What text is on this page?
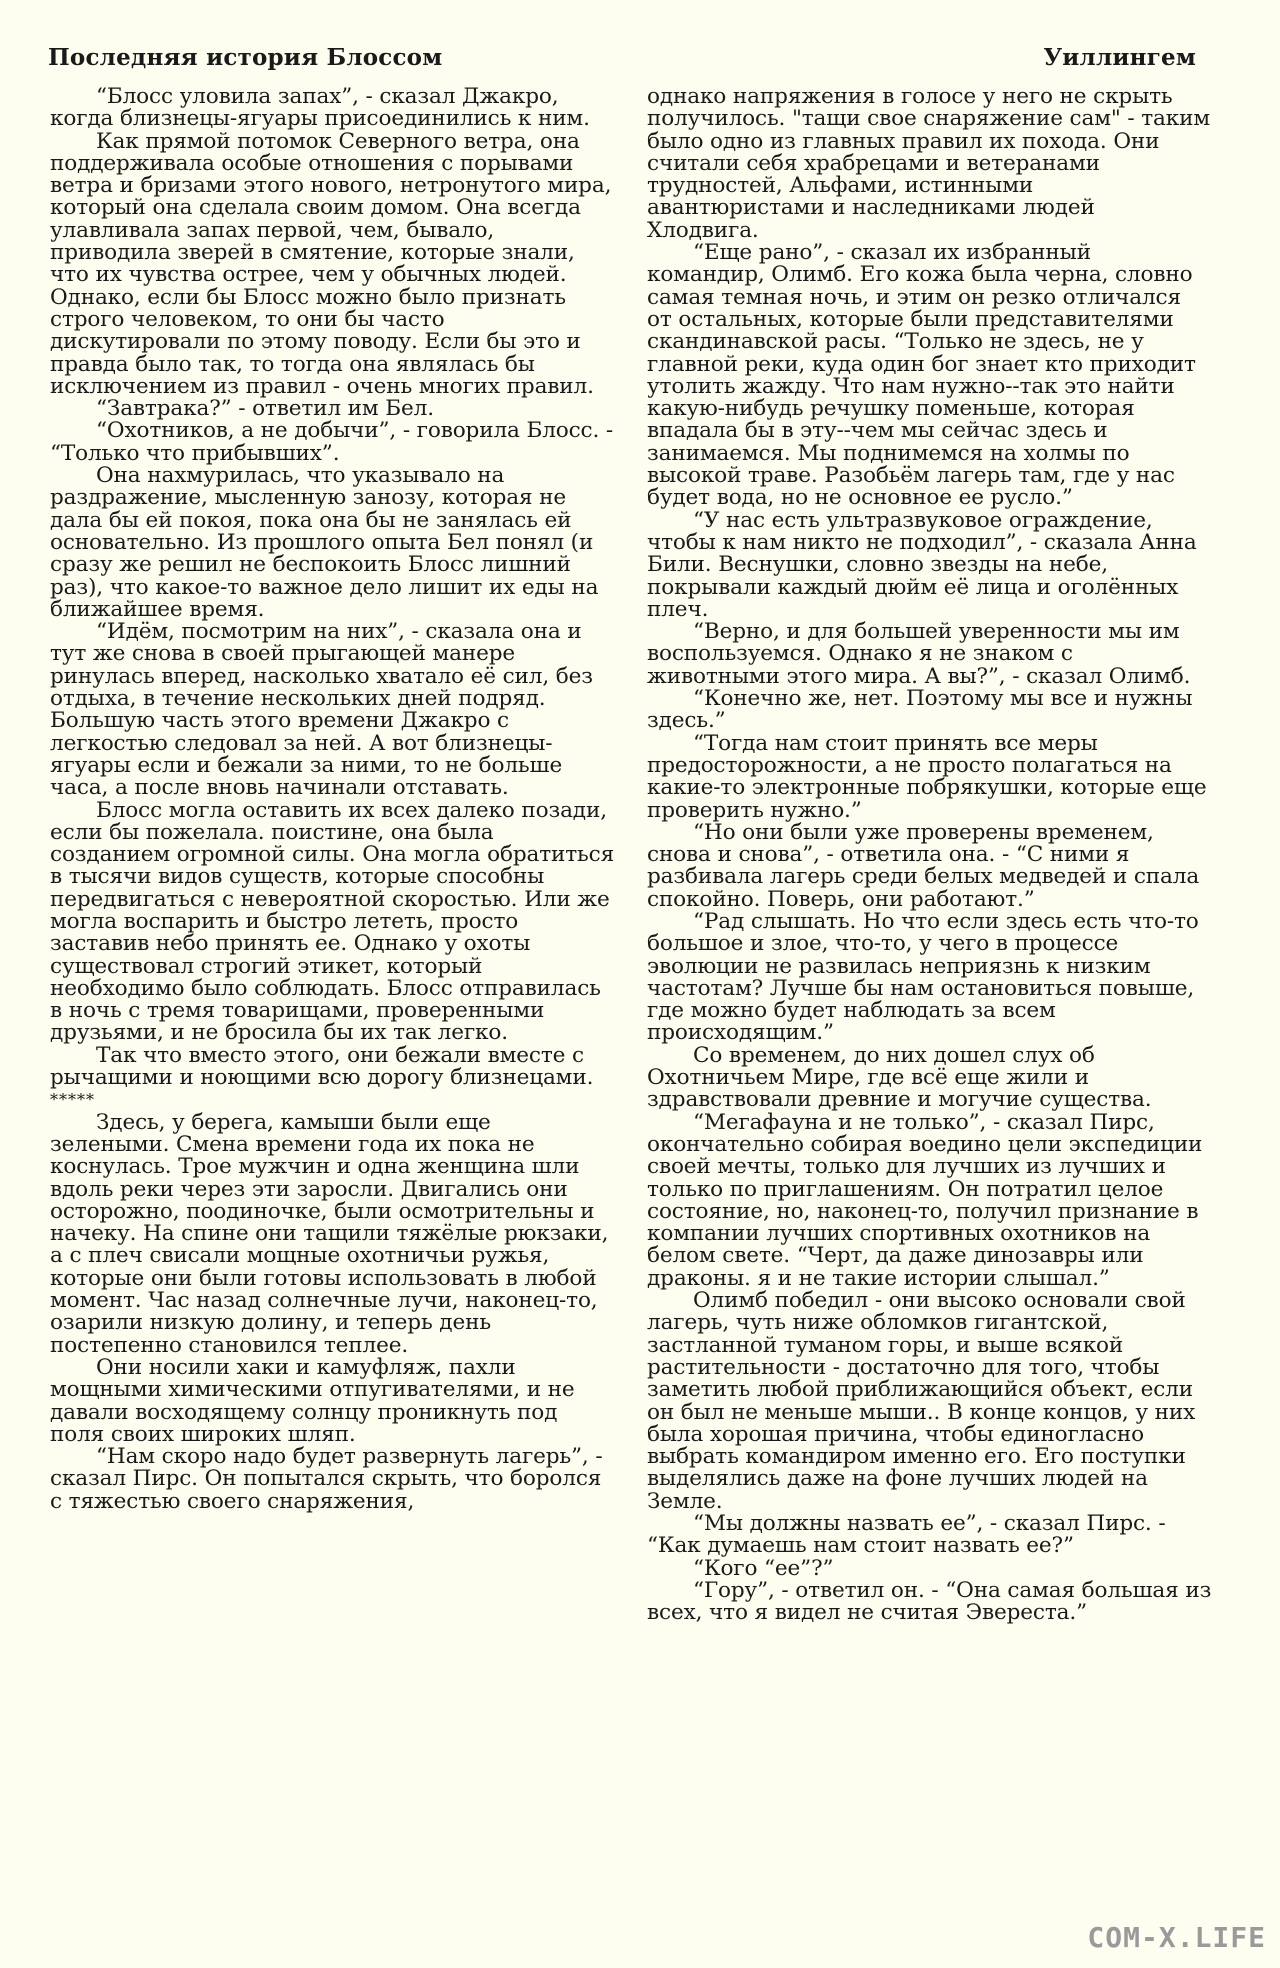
Последняя история Блоссом	Уиллингем

“Блосс уловила запах”, - сказал Джакро, когда близнецы-ягуары присоединились к ним.

Как прямой потомок Северного ветра, она поддерживала особые отношения с порывами ветра и бризами этого нового, нетронутого мира, который она сделала своим домом. Она всегда улавливала запах первой, чем, бывало, приводила зверей в смятение, которые знали, что их чувства острее, чем у обычных людей. Однако, если бы Блосс можно было признать строго человеком, то они бы часто дискутировали по этому поводу. Если бы это и правда было так, то тогда она являлась бы исключением из правил - очень многих правил.

“Завтрака?” - ответил им Бел.

“Охотников, а не добычи”, - говорила Блосс. - “Только что прибывших”.

Она нахмурилась, что указывало на раздражение, мысленную занозу, которая не дала бы ей покоя, пока она бы не занялась ей основательно. Из прошлого опыта Бел понял (и сразу же решил не беспокоить Блосс лишний раз), что какое-то важное дело лишит их еды на ближайшее время.

“Идём, посмотрим на них”, - сказала она и тут же снова в своей прыгающей манере ринулась вперед, насколько хватало её сил, без отдыха, в течение нескольких дней подряд. Большую часть этого времени Джакро с легкостью следовал за ней. А вот близнецы-ягуары если и бежали за ними, то не больше часа, а после вновь начинали отставать.

Блосс могла оставить их всех далеко позади, если бы пожелала. поистине, она была созданием огромной силы. Она могла обратиться в тысячи видов существ, которые способны передвигаться с невероятной скоростью. Или же могла воспарить и быстро лететь, просто заставив небо принять ее. Однако у охоты существовал строгий этикет, который необходимо было соблюдать. Блосс отправилась в ночь с тремя товарищами, проверенными друзьями, и не бросила бы их так легко.

Так что вместо этого, они бежали вместе с рычащими и ноющими всю дорогу близнецами.

*****

Здесь, у берега, камыши были еще зелеными. Смена времени года их пока не коснулась. Трое мужчин и одна женщина шли вдоль реки через эти заросли. Двигались они осторожно, поодиночке, были осмотрительны и начеку. На спине они тащили тяжёлые рюкзаки, а с плеч свисали мощные охотничьи ружья, которые они были готовы использовать в любой момент. Час назад солнечные лучи, наконец-то, озарили низкую долину, и теперь день постепенно становился теплее.

Они носили хаки и камуфляж, пахли мощными химическими отпугивателями, и не давали восходящему солнцу проникнуть под поля своих широких шляп.

“Нам скоро надо будет развернуть лагерь”, - сказал Пирс. Он попытался скрыть, что боролся с тяжестью своего снаряжения,

однако напряжения в голосе у него не скрыть получилось. "тащи свое снаряжение сам" - таким было одно из главных правил их похода. Они считали себя храбрецами и ветеранами трудностей, Альфами, истинными авантюристами и наследниками людей Хлодвига.

“Еще рано”, - сказал их избранный командир, Олимб. Его кожа была черна, словно самая темная ночь, и этим он резко отличался от остальных, которые были представителями скандинавской расы. “Только не здесь, не у главной реки, куда один бог знает кто приходит утолить жажду. Что нам нужно--так это найти какую-нибудь речушку поменьше, которая впадала бы в эту--чем мы сейчас здесь и занимаемся. Мы поднимемся на холмы по высокой траве. Разобьём лагерь там, где у нас будет вода, но не основное ее русло.”

“У нас есть ультразвуковое ограждение, чтобы к нам никто не подходил”, - сказала Анна Били. Веснушки, словно звезды на небе, покрывали каждый дюйм её лица и оголённых плеч.

“Верно, и для большей уверенности мы им воспользуемся. Однако я не знаком с животными этого мира. А вы?”, - сказал Олимб.

“Конечно же, нет. Поэтому мы все и нужны здесь.”

“Тогда нам стоит принять все меры предосторожности, а не просто полагаться на какие-то электронные побрякушки, которые еще проверить нужно.”

“Но они были уже проверены временем, снова и снова”, - ответила она. - “С ними я разбивала лагерь среди белых медведей и спала спокойно. Поверь, они работают.”

“Рад слышать. Но что если здесь есть что-то большое и злое, что-то, у чего в процессе эволюции не развилась неприязнь к низким частотам? Лучше бы нам остановиться повыше, где можно будет наблюдать за всем происходящим.”

Со временем, до них дошел слух об Охотничьем Мире, где всё еще жили и здравствовали древние и могучие существа.

“Мегафауна и не только”, - сказал Пирс, окончательно собирая воедино цели экспедиции своей мечты, только для лучших из лучших и только по приглашениям. Он потратил целое состояние, но, наконец-то, получил признание в компании лучших спортивных охотников на белом свете. “Черт, да даже динозавры или драконы. я и не такие истории слышал.”

Олимб победил - они высоко основали свой лагерь, чуть ниже обломков гигантской, застланной туманом горы, и выше всякой растительности - достаточно для того, чтобы заметить любой приближающийся объект, если он был не меньше мыши.. В конце концов, у них была хорошая причина, чтобы единогласно выбрать командиром именно его. Его поступки выделялись даже на фоне лучших людей на Земле.

“Мы должны назвать ее”, - сказал Пирс. - “Как думаешь нам стоит назвать ее?”

“Кого “ее”?”

“Гору”, - ответил он. - “Она самая большая из всех, что я видел не считая Эвереста.”

COM-X.LIFE
